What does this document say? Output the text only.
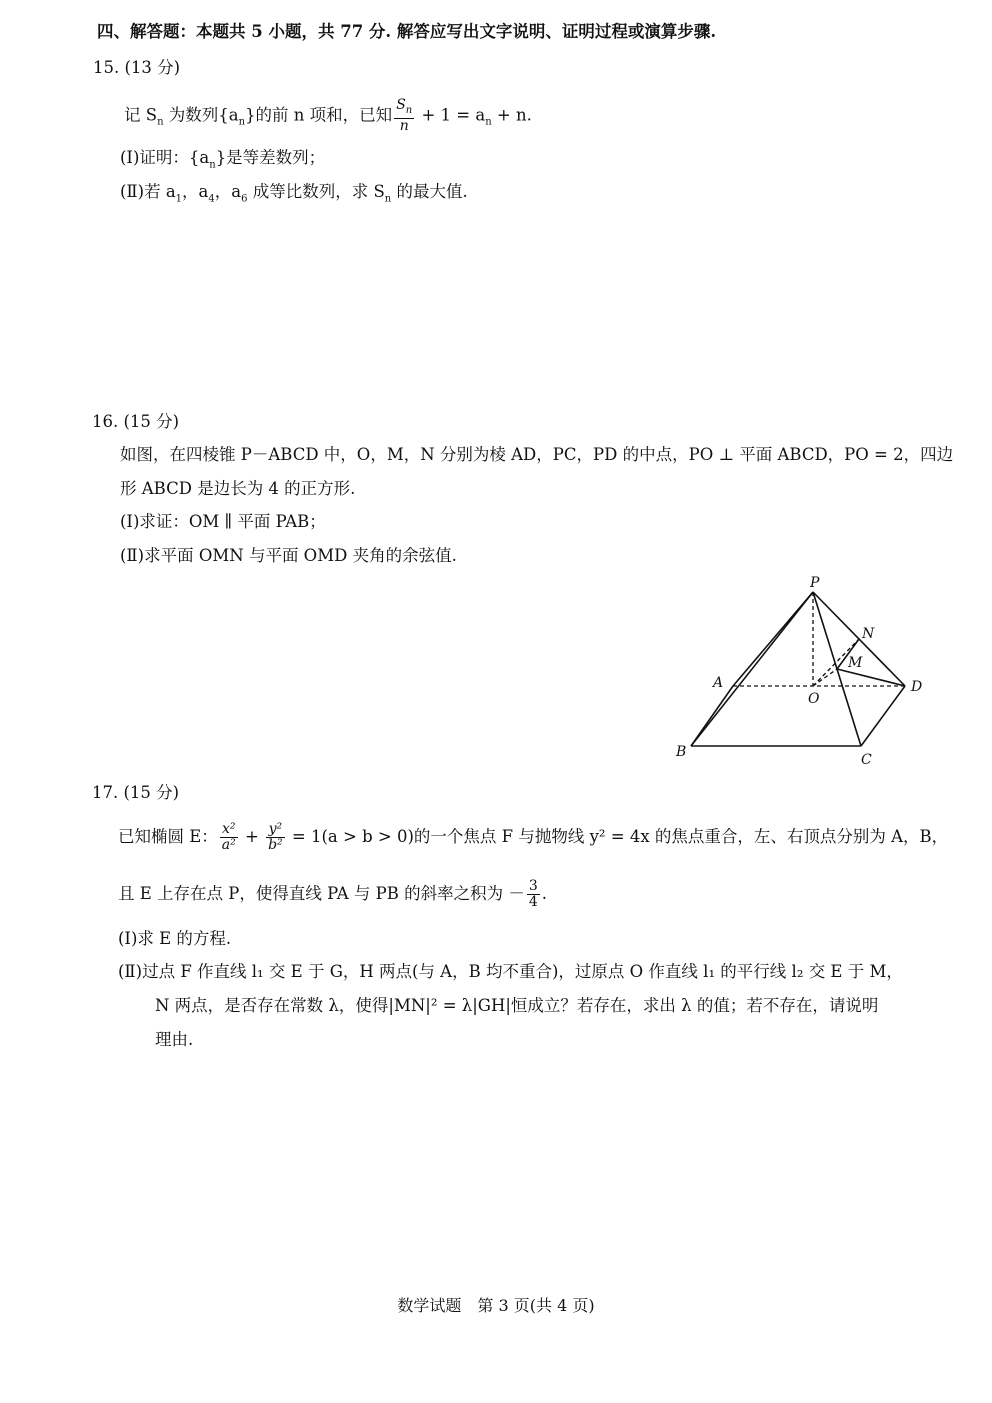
四、解答题：本题共 5 小题，共 77 分. 解答应写出文字说明、证明过程或演算步骤.
15. (13 分)
记 $S_n$ 为数列$\{a_n\}$的前 n 项和，已知 $\frac{S_n}{n} + 1 = a_n + n$.
(Ⅰ)证明：$\{a_n\}$是等差数列；
(Ⅱ)若 $a_1$，$a_4$，$a_6$ 成等比数列，求 $S_n$ 的最大值.
16. (15 分)
如图，在四棱锥 P－ABCD 中，O，M，N 分别为棱 AD，PC，PD 的中点，PO ⊥ 平面 ABCD，PO = 2，四边
形 ABCD 是边长为 4 的正方形.
(Ⅰ)求证：OM ∥ 平面 PAB；
(Ⅱ)求平面 OMN 与平面 OMD 夹角的余弦值.
P
N
M
A
O
D
B	C
17. (15 分)
已知椭圆 E： $\frac{\text{x²}}{\text{a²}} + \frac{\text{y²}}{\text{b²}} = 1(a > b > 0)$的一个焦点 F 与抛物线 y² = 4x 的焦点重合，左、右顶点分别为 A，B，
且 E 上存在点 P，使得直线 PA 与 PB 的斜率之积为 － $\frac{3}{4}$ .
(Ⅰ)求 E 的方程.
(Ⅱ)过点 F 作直线 l₁ 交 E 于 G，H 两点(与 A，B 均不重合)，过原点 O 作直线 l₁ 的平行线 l₂ 交 E 于 M，
N 两点，是否存在常数 λ，使得|MN|² = λ|GH|恒成立？若存在，求出 λ 的值；若不存在，请说明
理由.
数学试题　第 3 页(共 4 页)
